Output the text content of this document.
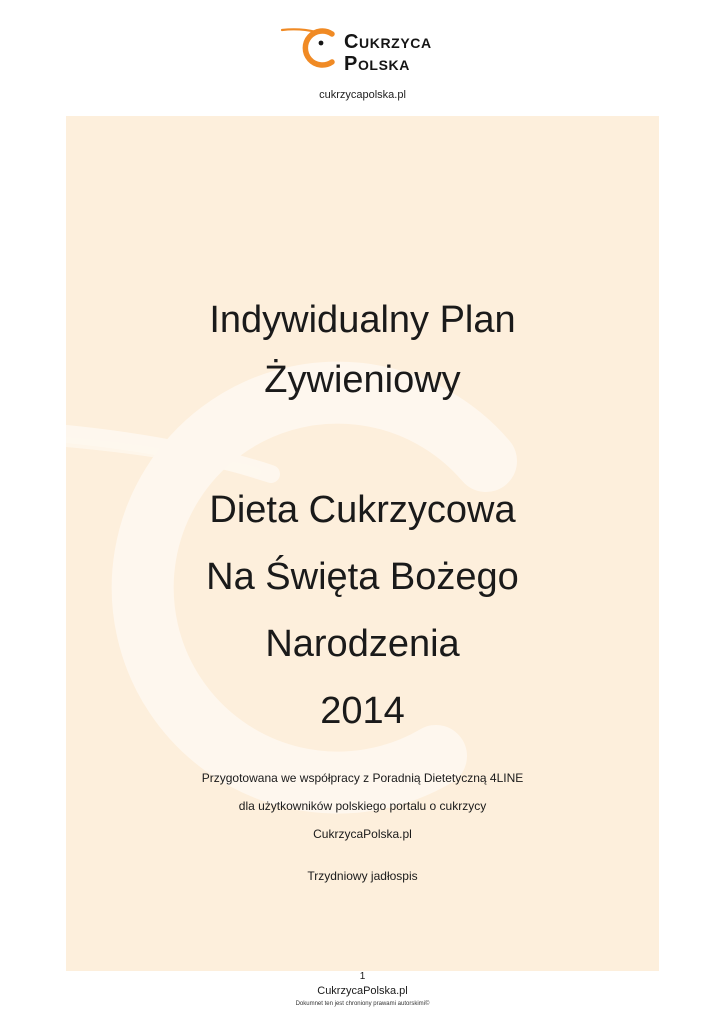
Cukrzyca
Polska
cukrzycapolska.pl
Indywidualny Plan
Żywieniowy
Dieta Cukrzycowa
Na Święta Bożego
Narodzenia
2014
Przygotowana we współpracy z Poradnią Dietetyczną 4LINE
dla użytkowników polskiego portalu o cukrzycy
CukrzycaPolska.pl
Trzydniowy jadłospis
1
CukrzycaPolska.pl
Dokumnet ten jest chroniony prawami autorskimi©
